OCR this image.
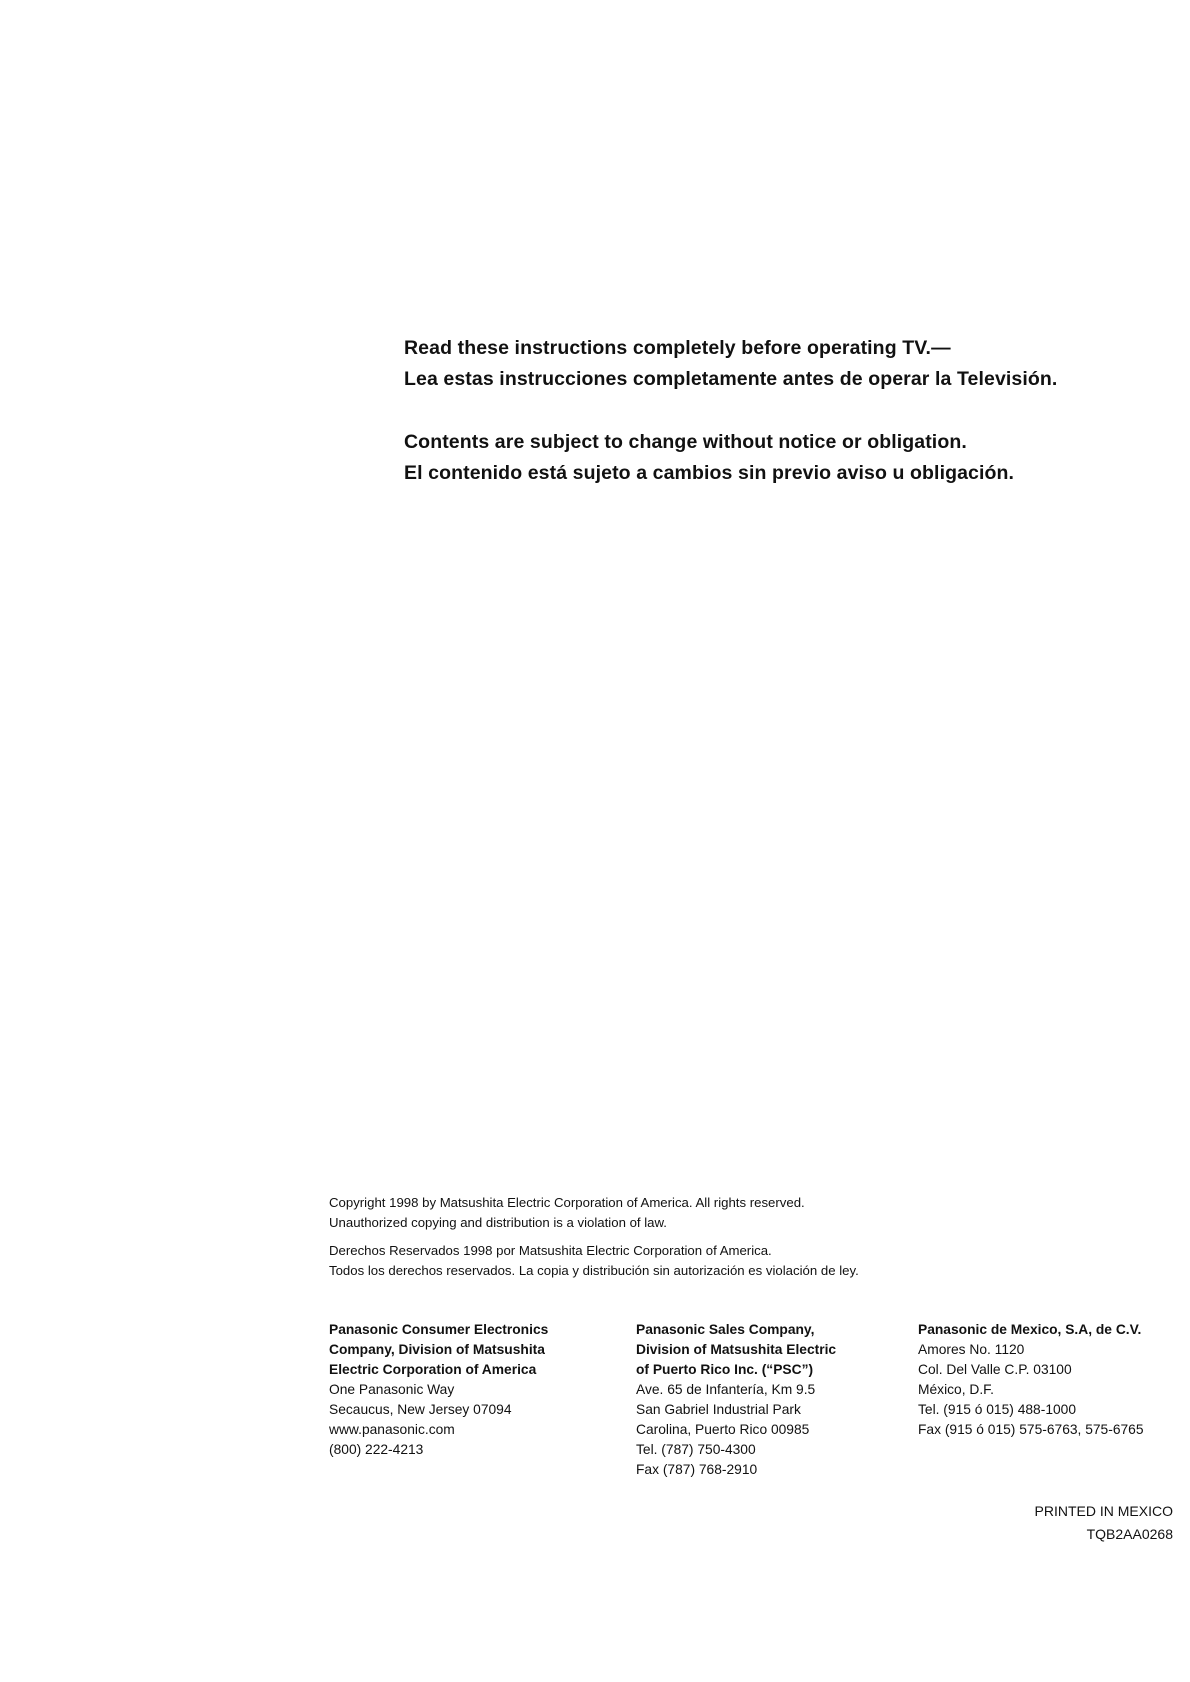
Read these instructions completely before operating TV.—
Lea estas instrucciones completamente antes de operar la Televisión.
Contents are subject to change without notice or obligation.
El contenido está sujeto a cambios sin previo aviso u obligación.
Copyright 1998 by Matsushita Electric Corporation of America. All rights reserved.
Unauthorized copying and distribution is a violation of law.
Derechos Reservados 1998 por Matsushita Electric Corporation of America.
Todos los derechos reservados. La copia y distribución sin autorización es violación de ley.
Panasonic Consumer Electronics
Company, Division of Matsushita
Electric Corporation of America
One Panasonic Way
Secaucus, New Jersey 07094
www.panasonic.com
(800) 222-4213
Panasonic Sales Company,
Division of Matsushita Electric
of Puerto Rico Inc. (“PSC”)
Ave. 65 de Infantería, Km 9.5
San Gabriel Industrial Park
Carolina, Puerto Rico 00985
Tel. (787) 750-4300
Fax (787) 768-2910
Panasonic de Mexico, S.A, de C.V.
Amores No. 1120
Col. Del Valle C.P. 03100
México, D.F.
Tel. (915 ó 015) 488-1000
Fax (915 ó 015) 575-6763, 575-6765
PRINTED IN MEXICO
TQB2AA0268
